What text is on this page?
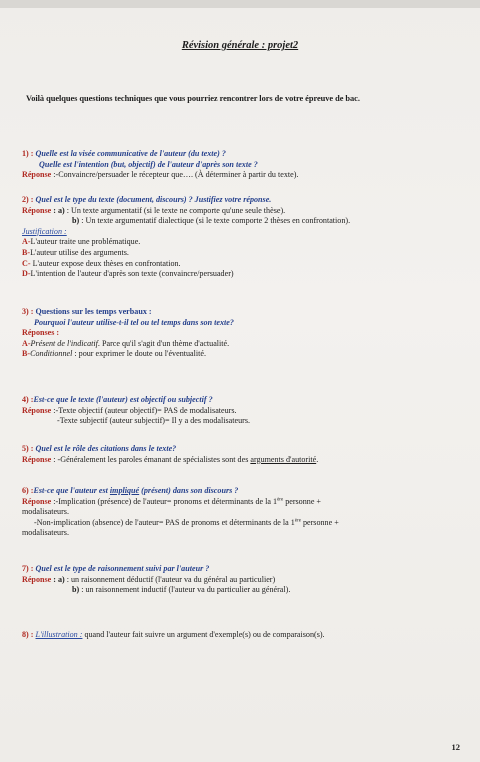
Révision générale : projet2
Voilà quelques questions techniques que vous pourriez rencontrer lors de votre épreuve de bac.
1) : Quelle est la visée communicative de l'auteur (du texte) ?
Quelle est l'intention (but, objectif) de l'auteur d'après son texte ?
Réponse :-Convaincre/persuader le récepteur que…. (À déterminer à partir du texte).
2) : Quel est le type du texte (document, discours) ? Justifiez votre réponse.
Réponse : a) : Un texte argumentatif (si le texte ne comporte qu'une seule thèse).
b) : Un texte argumentatif dialectique (si le texte comporte 2 thèses en confrontation).
Justification :
A-L'auteur traite une problématique.
B-L'auteur utilise des arguments.
C- L'auteur expose deux thèses en confrontation.
D-L'intention de l'auteur d'après son texte (convaincre/persuader)
3) : Questions sur les temps verbaux :
Pourquoi l'auteur utilise-t-il tel ou tel temps dans son texte?
Réponses :
A-Présent de l'indicatif. Parce qu'il s'agit d'un thème d'actualité.
B-Conditionnel : pour exprimer le doute ou l'éventualité.
4) :Est-ce que le texte (l'auteur) est objectif ou subjectif ?
Réponse :-Texte objectif (auteur objectif)= PAS de modalisateurs.
-Texte subjectif (auteur subjectif)= Il y a des modalisateurs.
5) : Quel est le rôle des citations dans le texte?
Réponse : -Généralement les paroles émanant de spécialistes sont des arguments d'autorité.
6) :Est-ce que l'auteur est impliqué (présent) dans son discours ?
Réponse :-Implication (présence) de l'auteur= pronoms et déterminants de la 1ère personne +
modalisateurs.
-Non-implication (absence) de l'auteur= PAS de pronoms et déterminants de la 1ère personne +
modalisateurs.
7) : Quel est le type de raisonnement suivi par l'auteur ?
Réponse : a) : un raisonnement déductif (l'auteur va du général au particulier)
b) : un raisonnement inductif (l'auteur va du particulier au général).
8) : L'illustration : quand l'auteur fait suivre un argument d'exemple(s) ou de comparaison(s).
12
